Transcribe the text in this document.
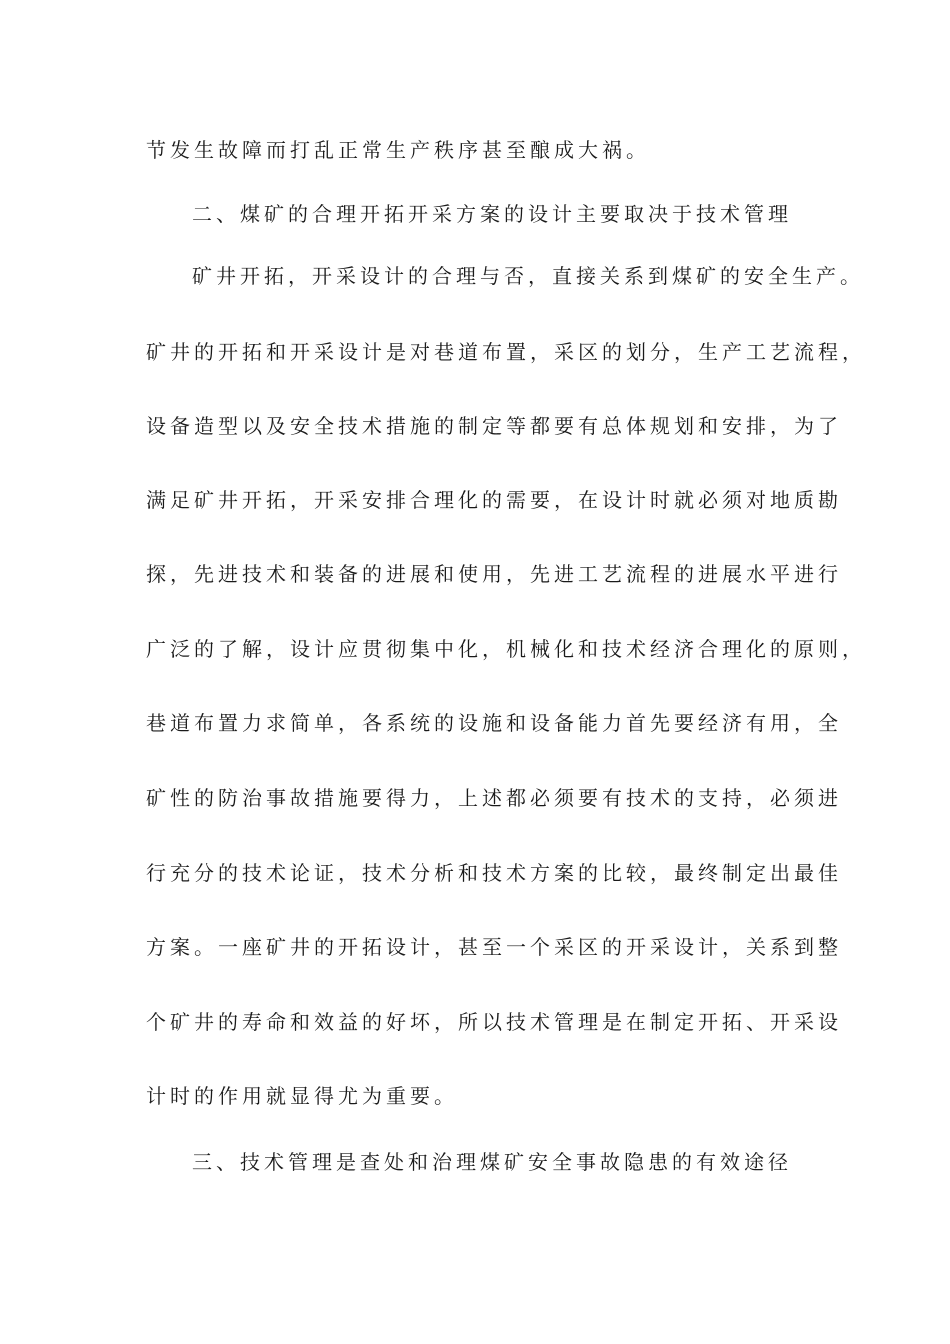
节发生故障而打乱正常生产秩序甚至酿成大祸。
二、煤矿的合理开拓开采方案的设计主要取决于技术管理
矿井开拓，开采设计的合理与否，直接关系到煤矿的安全生产。
矿井的开拓和开采设计是对巷道布置，采区的划分，生产工艺流程，
设备造型以及安全技术措施的制定等都要有总体规划和安排，为了
满足矿井开拓，开采安排合理化的需要，在设计时就必须对地质勘
探，先进技术和装备的进展和使用，先进工艺流程的进展水平进行
广泛的了解，设计应贯彻集中化，机械化和技术经济合理化的原则，
巷道布置力求简单，各系统的设施和设备能力首先要经济有用，全
矿性的防治事故措施要得力，上述都必须要有技术的支持，必须进
行充分的技术论证，技术分析和技术方案的比较，最终制定出最佳
方案。一座矿井的开拓设计，甚至一个采区的开采设计，关系到整
个矿井的寿命和效益的好坏，所以技术管理是在制定开拓、开采设
计时的作用就显得尤为重要。
三、技术管理是查处和治理煤矿安全事故隐患的有效途径
